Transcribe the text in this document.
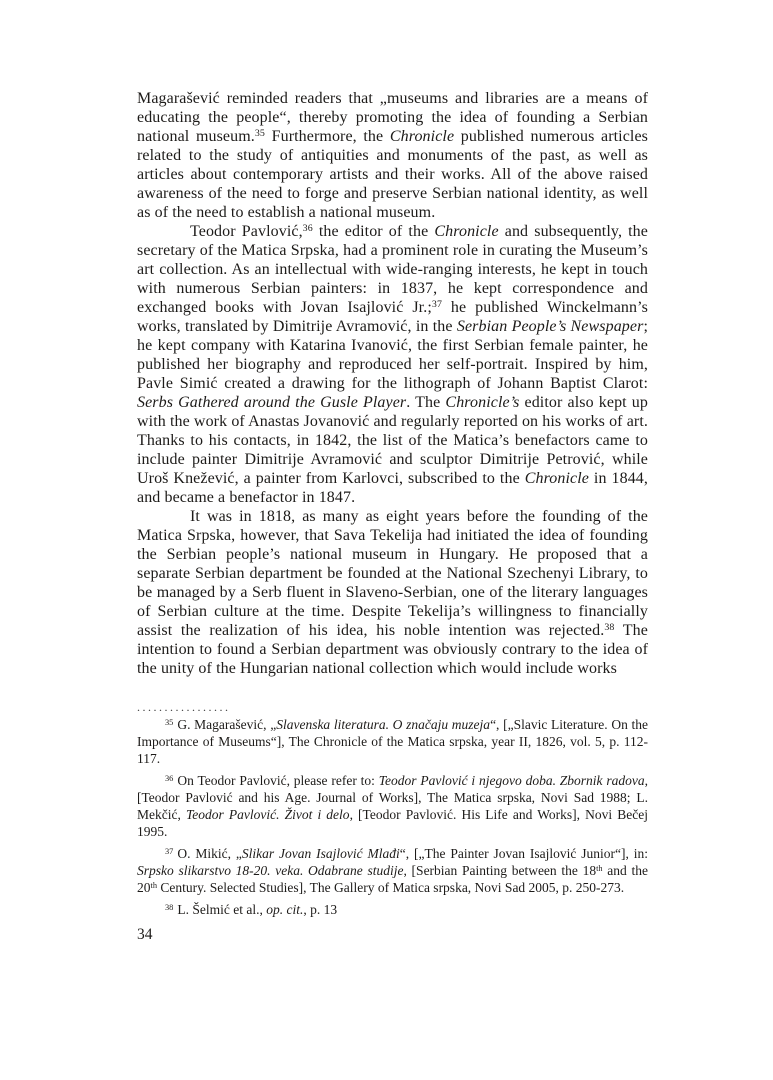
Magarašević reminded readers that „museums and libraries are a means of educating the people“, thereby promoting the idea of founding a Serbian national museum.$^{35}$ Furthermore, the Chronicle published numerous articles related to the study of antiquities and monuments of the past, as well as articles about contemporary artists and their works. All of the above raised awareness of the need to forge and preserve Serbian national identity, as well as of the need to establish a national museum.

Teodor Pavlović,$^{36}$ the editor of the Chronicle and subsequently, the secretary of the Matica Srpska, had a prominent role in curating the Museum’s art collection. As an intellectual with wide-ranging interests, he kept in touch with numerous Serbian painters: in 1837, he kept correspondence and exchanged books with Jovan Isajlović Jr.;$^{37}$ he published Winckelmann’s works, translated by Dimitrije Avramović, in the Serbian People’s Newspaper; he kept company with Katarina Ivanović, the first Serbian female painter, he published her biography and reproduced her self-portrait. Inspired by him, Pavle Simić created a drawing for the lithograph of Johann Baptist Clarot: Serbs Gathered around the Gusle Player. The Chronicle’s editor also kept up with the work of Anastas Jovanović and regularly reported on his works of art. Thanks to his contacts, in 1842, the list of the Matica’s benefactors came to include painter Dimitrije Avramović and sculptor Dimitrije Petrović, while Uroš Knežević, a painter from Karlovci, subscribed to the Chronicle in 1844, and became a benefactor in 1847.

It was in 1818, as many as eight years before the founding of the Matica Srpska, however, that Sava Tekelija had initiated the idea of founding the Serbian people’s national museum in Hungary. He proposed that a separate Serbian department be founded at the National Szechenyi Library, to be managed by a Serb fluent in Slaveno-Serbian, one of the literary languages of Serbian culture at the time. Despite Tekelija’s willingness to financially assist the realization of his idea, his noble intention was rejected.$^{38}$ The intention to found a Serbian department was obviously contrary to the idea of the unity of the Hungarian national collection which would include works

.................

$^{35}$ G. Magarašević, „Slavenska literatura. O značaju muzeja“, [„Slavic Literature. On the Importance of Museums“], The Chronicle of the Matica srpska, year II, 1826, vol. 5, p. 112-117.

$^{36}$ On Teodor Pavlović, please refer to: Teodor Pavlović i njegovo doba. Zbornik radova, [Teodor Pavlović and his Age. Journal of Works], The Matica srpska, Novi Sad 1988; L. Mekčić, Teodor Pavlović. Život i delo, [Teodor Pavlović. His Life and Works], Novi Bečej 1995.

$^{37}$ O. Mikić, „Slikar Jovan Isajlović Mlađi“, [„The Painter Jovan Isajlović Junior“], in: Srpsko slikarstvo 18-20. veka. Odabrane studije, [Serbian Painting between the 18th and the 20th Century. Selected Studies], The Gallery of Matica srpska, Novi Sad 2005, p. 250-273.

$^{38}$ L. Šelmić et al., op. cit., p. 13

34
